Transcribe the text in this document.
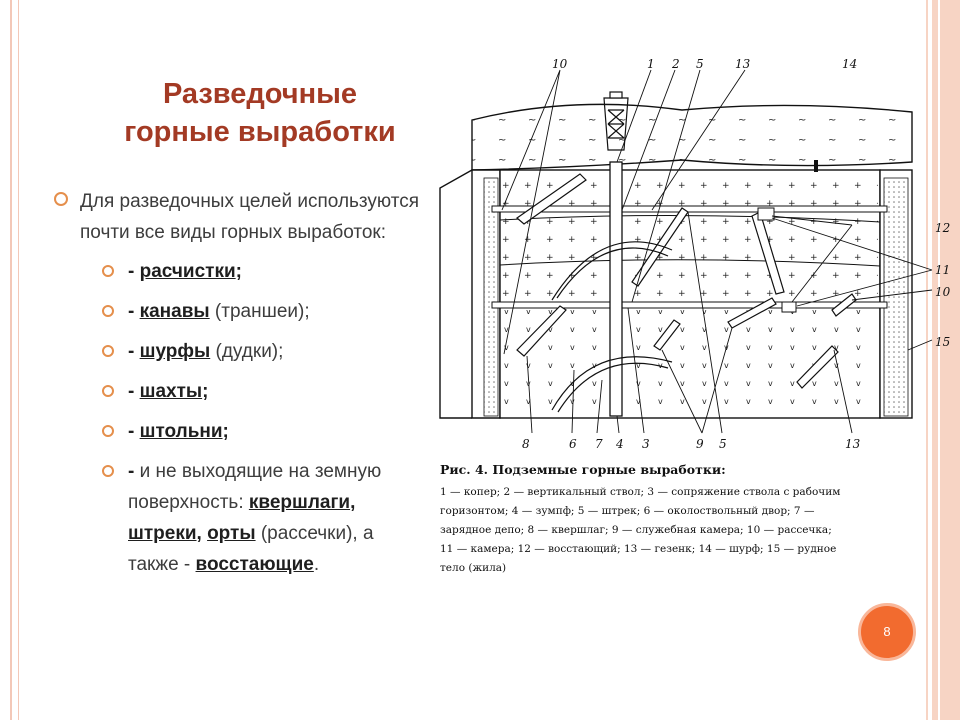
Разведочные
горные выработки
Для разведочных целей используются почти все виды горных выработок:
- расчистки;
- канавы (траншеи);
- шурфы (дудки);
- шахты;
- штольни;
- и не выходящие на земную поверхность: квершлаги, штреки, орты (рассечки), а также - восстающие.
10	1 2 5	13	14
12
11
10
15
8	6 7 4 3	9 5	13
Рис. 4. Подземные горные выработки:
1 — копер; 2 — вертикальный ствол; 3 — сопряжение ствола с рабочим
горизонтом; 4 — зумпф; 5 — штрек; 6 — околоствольный двор; 7 —
зарядное депо; 8 — квершлаг; 9 — служебная камера; 10 — рассечка;
11 — камера; 12 — восстающий; 13 — гезенк; 14 — шурф; 15 — рудное
тело (жила)
8
